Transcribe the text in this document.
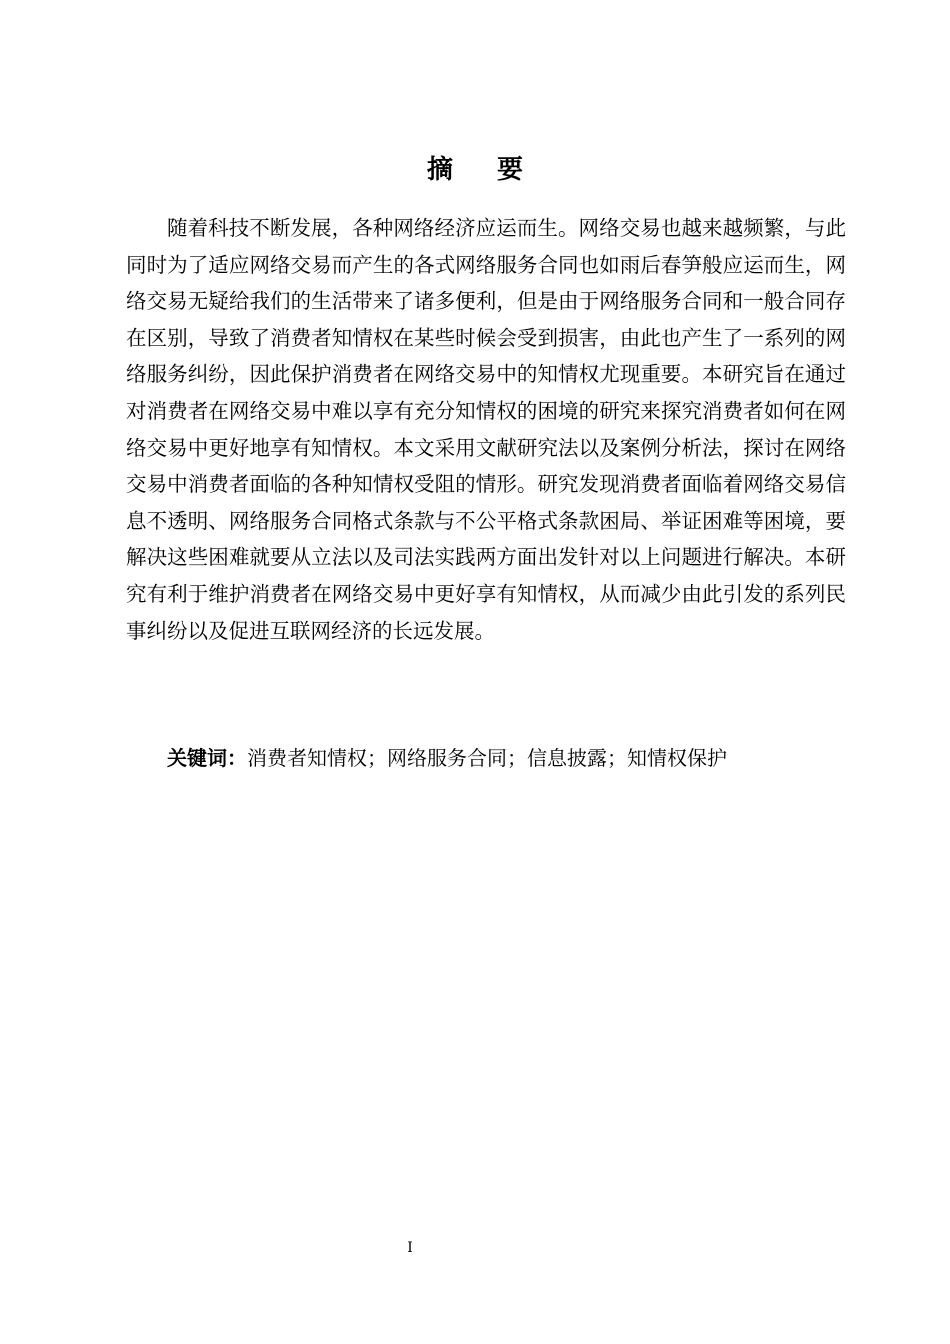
摘 要

随着科技不断发展，各种网络经济应运而生。网络交易也越来越频繁，与此同时为了适应网络交易而产生的各式网络服务合同也如雨后春笋般应运而生，网络交易无疑给我们的生活带来了诸多便利，但是由于网络服务合同和一般合同存在区别，导致了消费者知情权在某些时候会受到损害，由此也产生了一系列的网络服务纠纷，因此保护消费者在网络交易中的知情权尤现重要。本研究旨在通过对消费者在网络交易中难以享有充分知情权的困境的研究来探究消费者如何在网络交易中更好地享有知情权。本文采用文献研究法以及案例分析法，探讨在网络交易中消费者面临的各种知情权受阻的情形。研究发现消费者面临着网络交易信息不透明、网络服务合同格式条款与不公平格式条款困局、举证困难等困境，要解决这些困难就要从立法以及司法实践两方面出发针对以上问题进行解决。本研究有利于维护消费者在网络交易中更好享有知情权，从而减少由此引发的系列民事纠纷以及促进互联网经济的长远发展。

关键词：消费者知情权；网络服务合同；信息披露；知情权保护
I
